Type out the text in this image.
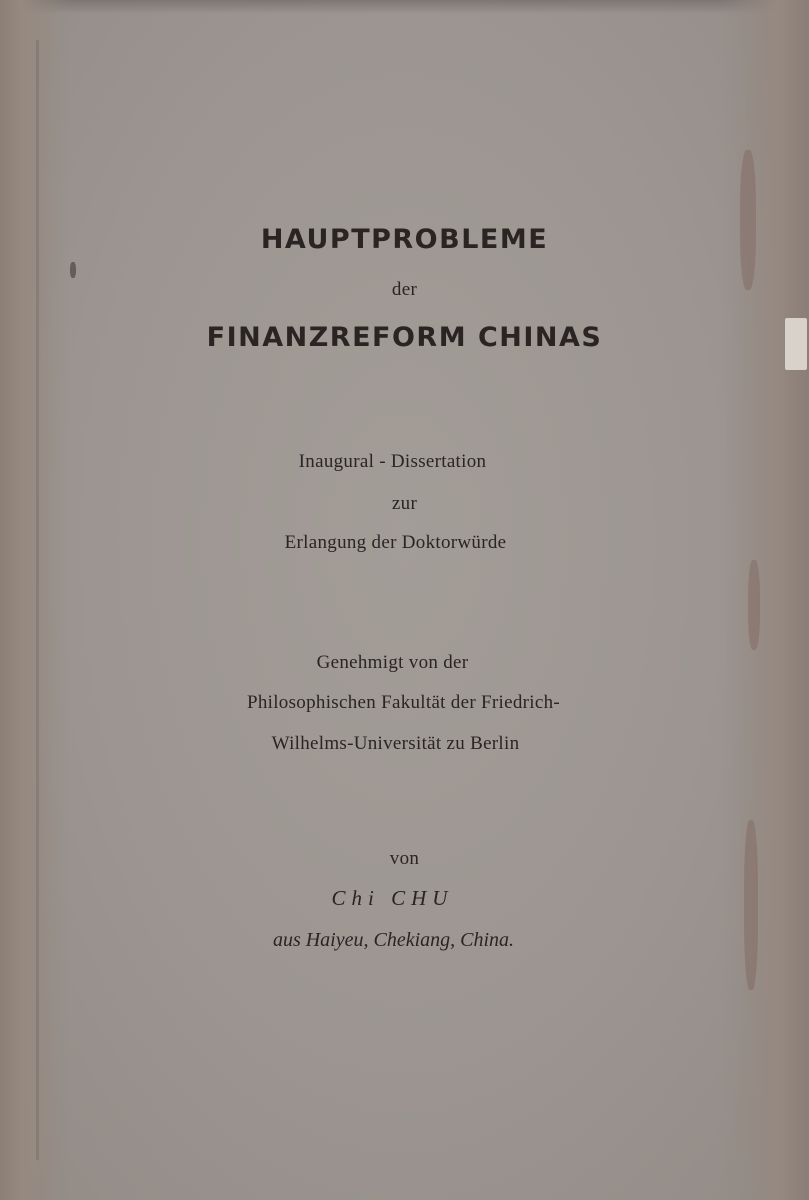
HAUPTPROBLEME
der
FINANZREFORM CHINAS
Inaugural - Dissertation
zur
Erlangung der Doktorwürde
Genehmigt von der
Philosophischen Fakultät der Friedrich-
Wilhelms-Universität zu Berlin
von
Chi CHU
aus Haiyeu, Chekiang, China.
